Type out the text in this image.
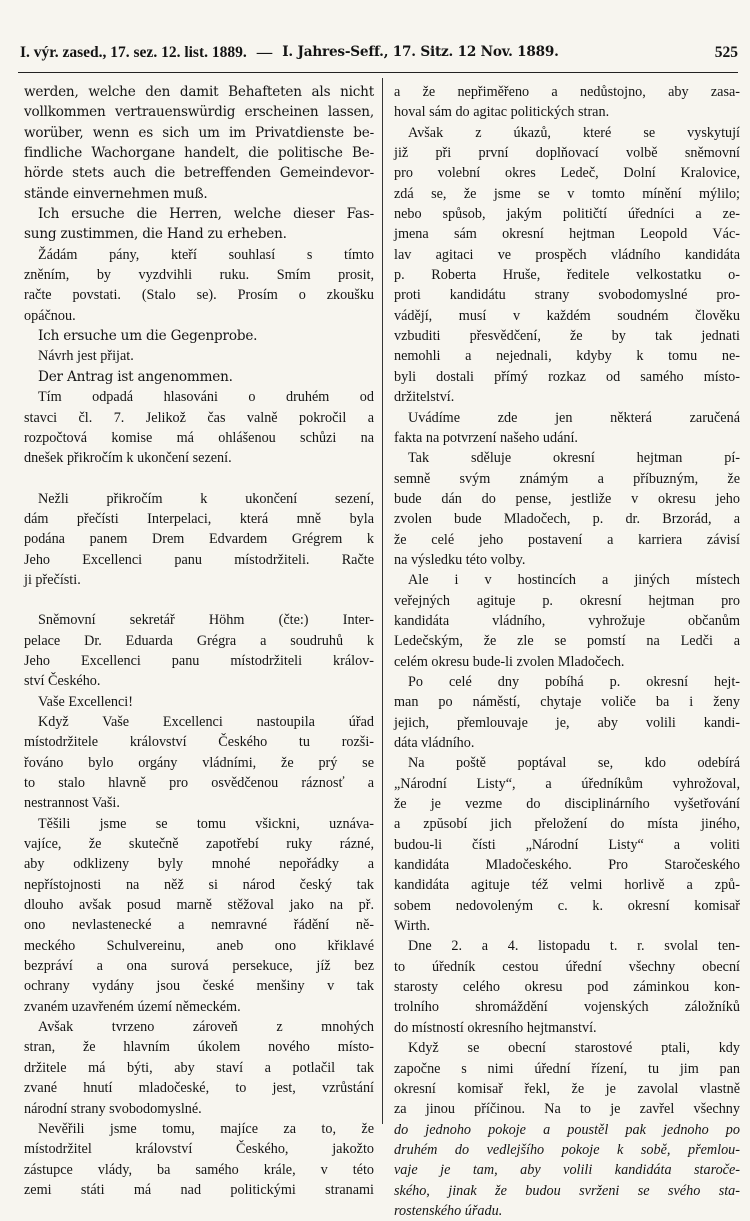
I. výr. zased., 17. sez. 12. list. 1889. — I. Jahres-Seff., 17. Sitz. 12 Nov. 1889.	525
werden, welche den damit Behafteten als nicht
vollkommen vertrauenswürdig erscheinen lassen,
worüber, wenn es sich um im Privatdienste be-
findliche Wachorgane handelt, die politische Be-
hörde stets auch die betreffenden Gemeindevor-
stände einvernehmen muß.
Ich ersuche die Herren, welche dieser Fas-
sung zustimmen, die Hand zu erheben.
Žádám pány, kteří souhlasí s tímto
zněním, by vyzdvihli ruku. Smím prosit,
račte povstati. (Stalo se). Prosím o zkoušku
opáčnou.
Ich ersuche um die Gegenprobe.
Návrh jest přijat.
Der Antrag ist angenommen.
Tím odpadá hlasováni o druhém od
stavci čl. 7. Jelikož čas valně pokročil a
rozpočtová komise má ohlášenou schůzi na
dnešek přikročím k ukončení sezení.
Nežli přikročím k ukončení sezení,
dám přečísti Interpelaci, která mně byla
podána panem Drem Edvardem Grégrem k
Jeho Excellenci panu místodržiteli. Račte
ji přečísti.
Sněmovní sekretář Höhm (čte:) Inter-
pelace Dr. Eduarda Grégra a soudruhů k
Jeho Excellenci panu místodržiteli králov-
ství Českého.
Vaše Excellenci!
Když Vaše Excellenci nastoupila úřad
místodržitele království Českého tu rozši-
řováno bylo orgány vládními, že prý se
to stalo hlavně pro osvědčenou ráznosť a
nestrannost Vaši.
Těšili jsme se tomu všickni, uznáva-
vajíce, že skutečně zapotřebí ruky rázné,
aby odklizeny byly mnohé nepořádky a
nepřístojnosti na něž si národ český tak
dlouho avšak posud marně stěžoval jako na př.
ono nevlastenecké a nemravné řádění ně-
meckého Schulvereinu, aneb ono křiklavé
bezpráví a ona surová persekuce, jíž bez
ochrany vydány jsou české menšiny v tak
zvaném uzavřeném území německém.
Avšak tvrzeno zároveň z mnohých
stran, že hlavním úkolem nového místo-
držitele má býti, aby staví a potlačil tak
zvané hnutí mladočeské, to jest, vzrůstání
národní strany svobodomyslné.
Nevěřili jsme tomu, majíce za to, že
místodržitel království Českého, jakožto
zástupce vlády, ba samého krále, v této
zemi státi má nad politickými stranami
a že nepřiměřeno a nedůstojno, aby zasa-
hoval sám do agitac politických stran.
Avšak z úkazů, které se vyskytují
již při první doplňovací volbě sněmovní
pro volební okres Ledeč, Dolní Kralovice,
zdá se, že jsme se v tomto mínění mýlilo;
nebo spůsob, jakým političtí úředníci a ze-
jmena sám okresní hejtman Leopold Vác-
lav agitaci ve prospěch vládního kandidáta
p. Roberta Hruše, ředitele velkostatku o-
proti kandidátu strany svobodomyslné pro-
vádějí, musí v každém soudném člověku
vzbuditi přesvědčení, že by tak jednati
nemohli a nejednali, kdyby k tomu ne-
byli dostali přímý rozkaz od samého místo-
držitelství.
Uvádíme zde jen některá zaručená
fakta na potvrzení našeho udání.
Tak sděluje okresní hejtman pí-
semně svým známým a příbuzným, že
bude dán do pense, jestliže v okresu jeho
zvolen bude Mladočech, p. dr. Brzorád, a
že celé jeho postavení a karriera závisí
na výsledku této volby.
Ale i v hostincích a jiných místech
veřejných agituje p. okresní hejtman pro
kandidáta vládního, vyhrožuje občanům
Ledečským, že zle se pomstí na Ledči a
celém okresu bude-li zvolen Mladočech.
Po celé dny pobíhá p. okresní hejt-
man po náměstí, chytaje voliče ba i ženy
jejich, přemlouvaje je, aby volili kandi-
dáta vládního.
Na poště poptával se, kdo odebírá
„Národní Listy“, a úředníkům vyhrožoval,
že je vezme do disciplinárního vyšetřování
a zpŭsobí jich přeložení do místa jiného,
budou-li čísti „Národní Listy“ a voliti
kandidáta Mladočeského. Pro Staročeského
kandidáta agituje též velmi horlivě a způ-
sobem nedovoleným c. k. okresní komisař
Wirth.
Dne 2. a 4. listopadu t. r. svolal ten-
to úředník cestou úřední všechny obecní
starosty celého okresu pod záminkou kon-
trolního shromáždění vojenských záložníků
do místností okresního hejtmanství.
Když se obecní starostové ptali, kdy
započne s nimi úřední řízení, tu jim pan
okresní komisař řekl, že je zavolal vlastně
za jinou příčinou. Na to je zavřel všechny
do jednoho pokoje a poustěl pak jednoho po
druhém do vedlejšího pokoje k sobě, přemlou-
vaje je tam, aby volili kandidáta staroče-
ského, jinak že budou svrženi se svého sta-
rostenského úřadu.
